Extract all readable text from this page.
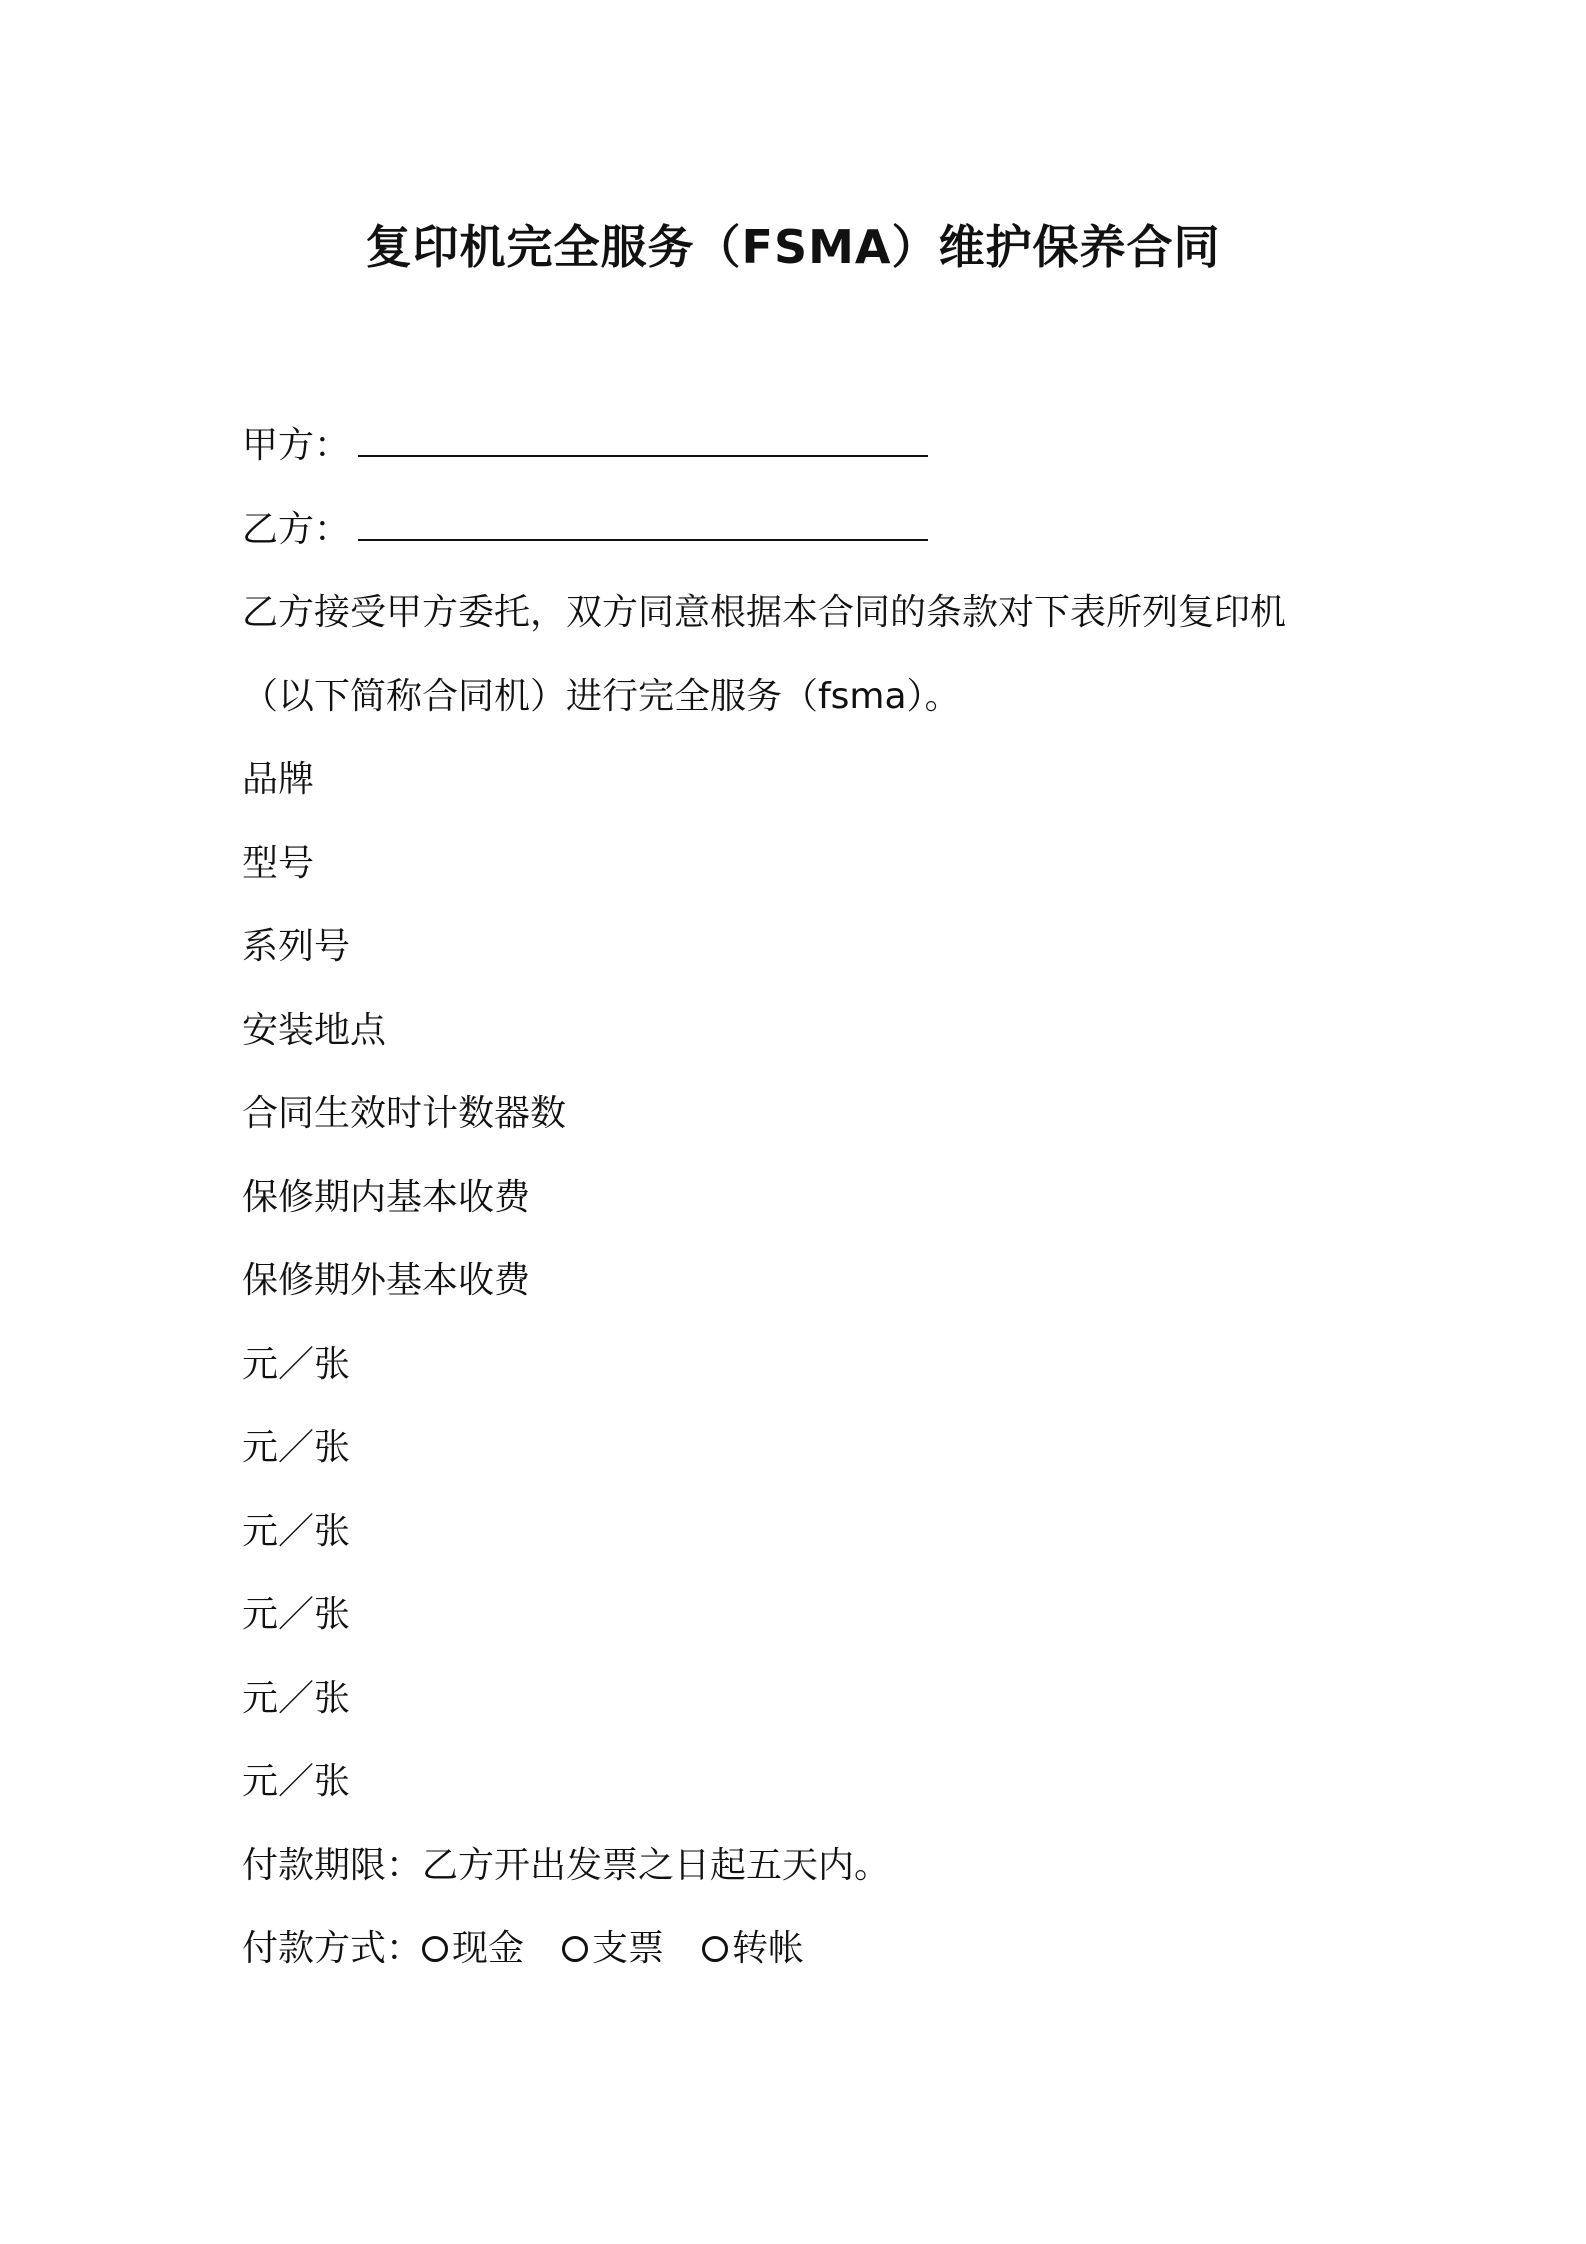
复印机完全服务（FSMA）维护保养合同
甲方：
乙方：
乙方接受甲方委托，双方同意根据本合同的条款对下表所列复印机
（以下简称合同机）进行完全服务（fsma）。
品牌
型号
系列号
安装地点
合同生效时计数器数
保修期内基本收费
保修期外基本收费
元／张
元／张
元／张
元／张
元／张
元／张
付款期限：乙方开出发票之日起五天内。
付款方式： 现金 支票 转帐
